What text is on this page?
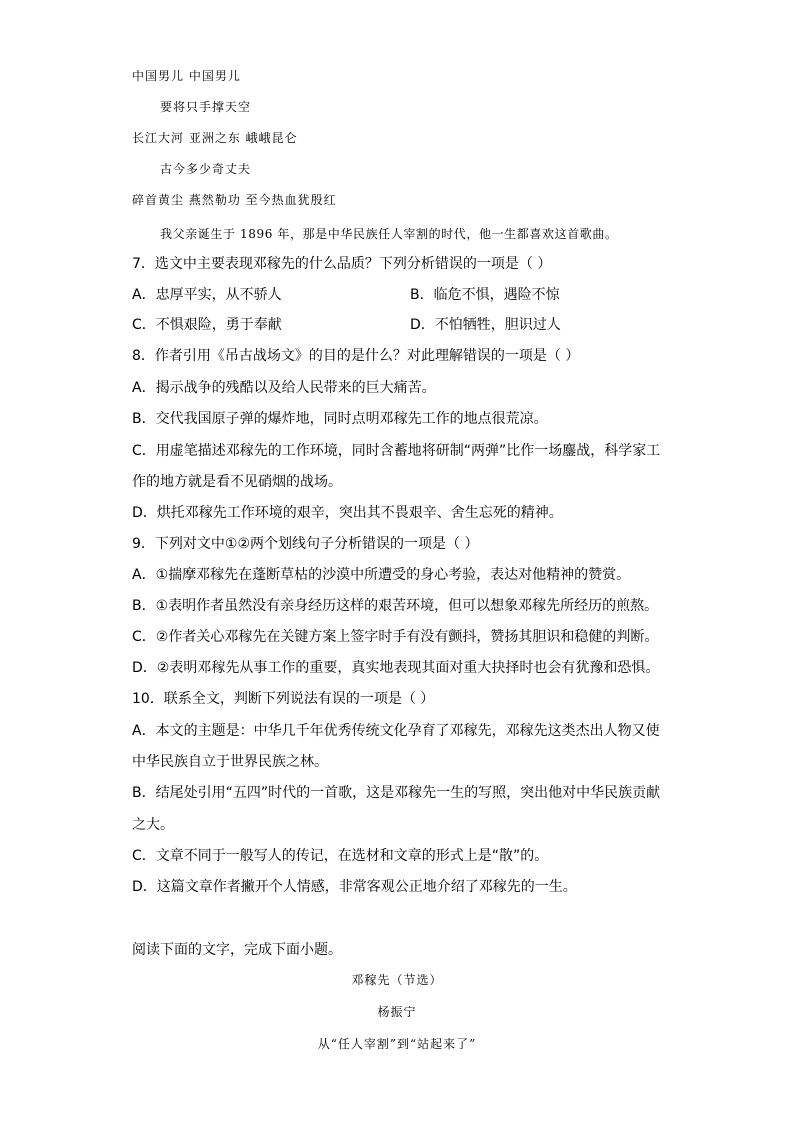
中国男儿 中国男儿
要将只手撑天空
长江大河 亚洲之东 峨峨昆仑
古今多少奇丈夫
碎首黄尘 燕然勒功 至今热血犹殷红
我父亲诞生于 1896 年，那是中华民族任人宰割的时代，他一生都喜欢这首歌曲。
7．选文中主要表现邓稼先的什么品质？下列分析错误的一项是（ ）
A．忠厚平实，从不骄人	B．临危不惧，遇险不惊
C．不惧艰险，勇于奉献	D．不怕牺牲，胆识过人
8．作者引用《吊古战场文》的目的是什么？对此理解错误的一项是（ ）
A．揭示战争的残酷以及给人民带来的巨大痛苦。
B．交代我国原子弹的爆炸地，同时点明邓稼先工作的地点很荒凉。
C．用虚笔描述邓稼先的工作环境，同时含蓄地将研制“两弹”比作一场鏖战，科学家工
作的地方就是看不见硝烟的战场。
D．烘托邓稼先工作环境的艰辛，突出其不畏艰辛、舍生忘死的精神。
9．下列对文中①②两个划线句子分析错误的一项是（ ）
A．①揣摩邓稼先在蓬断草枯的沙漠中所遭受的身心考验，表达对他精神的赞赏。
B．①表明作者虽然没有亲身经历这样的艰苦环境，但可以想象邓稼先所经历的煎熬。
C．②作者关心邓稼先在关键方案上签字时手有没有颤抖，赞扬其胆识和稳健的判断。
D．②表明邓稼先从事工作的重要，真实地表现其面对重大抉择时也会有犹豫和恐惧。
10．联系全文，判断下列说法有误的一项是（ ）
A．本文的主题是：中华几千年优秀传统文化孕育了邓稼先，邓稼先这类杰出人物又使
中华民族自立于世界民族之林。
B．结尾处引用“五四”时代的一首歌，这是邓稼先一生的写照，突出他对中华民族贡献
之大。
C．文章不同于一般写人的传记，在选材和文章的形式上是“散”的。
D．这篇文章作者撇开个人情感，非常客观公正地介绍了邓稼先的一生。
阅读下面的文字，完成下面小题。
邓稼先（节选）
杨振宁
从“任人宰割”到“站起来了”
